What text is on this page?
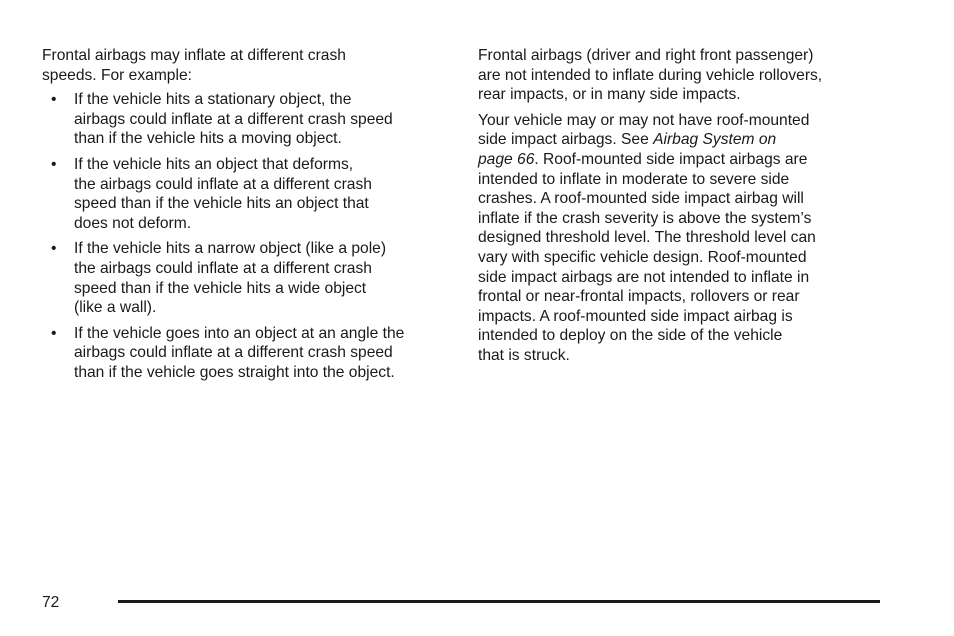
Frontal airbags may inflate at different crash
speeds. For example:

• If the vehicle hits a stationary object, the
airbags could inflate at a different crash speed
than if the vehicle hits a moving object.
• If the vehicle hits an object that deforms,
the airbags could inflate at a different crash
speed than if the vehicle hits an object that
does not deform.
• If the vehicle hits a narrow object (like a pole)
the airbags could inflate at a different crash
speed than if the vehicle hits a wide object
(like a wall).
• If the vehicle goes into an object at an angle the
airbags could inflate at a different crash speed
than if the vehicle goes straight into the object.

Frontal airbags (driver and right front passenger)
are not intended to inflate during vehicle rollovers,
rear impacts, or in many side impacts.

Your vehicle may or may not have roof-mounted
side impact airbags. See Airbag System on
page 66. Roof-mounted side impact airbags are
intended to inflate in moderate to severe side
crashes. A roof-mounted side impact airbag will
inflate if the crash severity is above the system’s
designed threshold level. The threshold level can
vary with specific vehicle design. Roof-mounted
side impact airbags are not intended to inflate in
frontal or near-frontal impacts, rollovers or rear
impacts. A roof-mounted side impact airbag is
intended to deploy on the side of the vehicle
that is struck.

72
